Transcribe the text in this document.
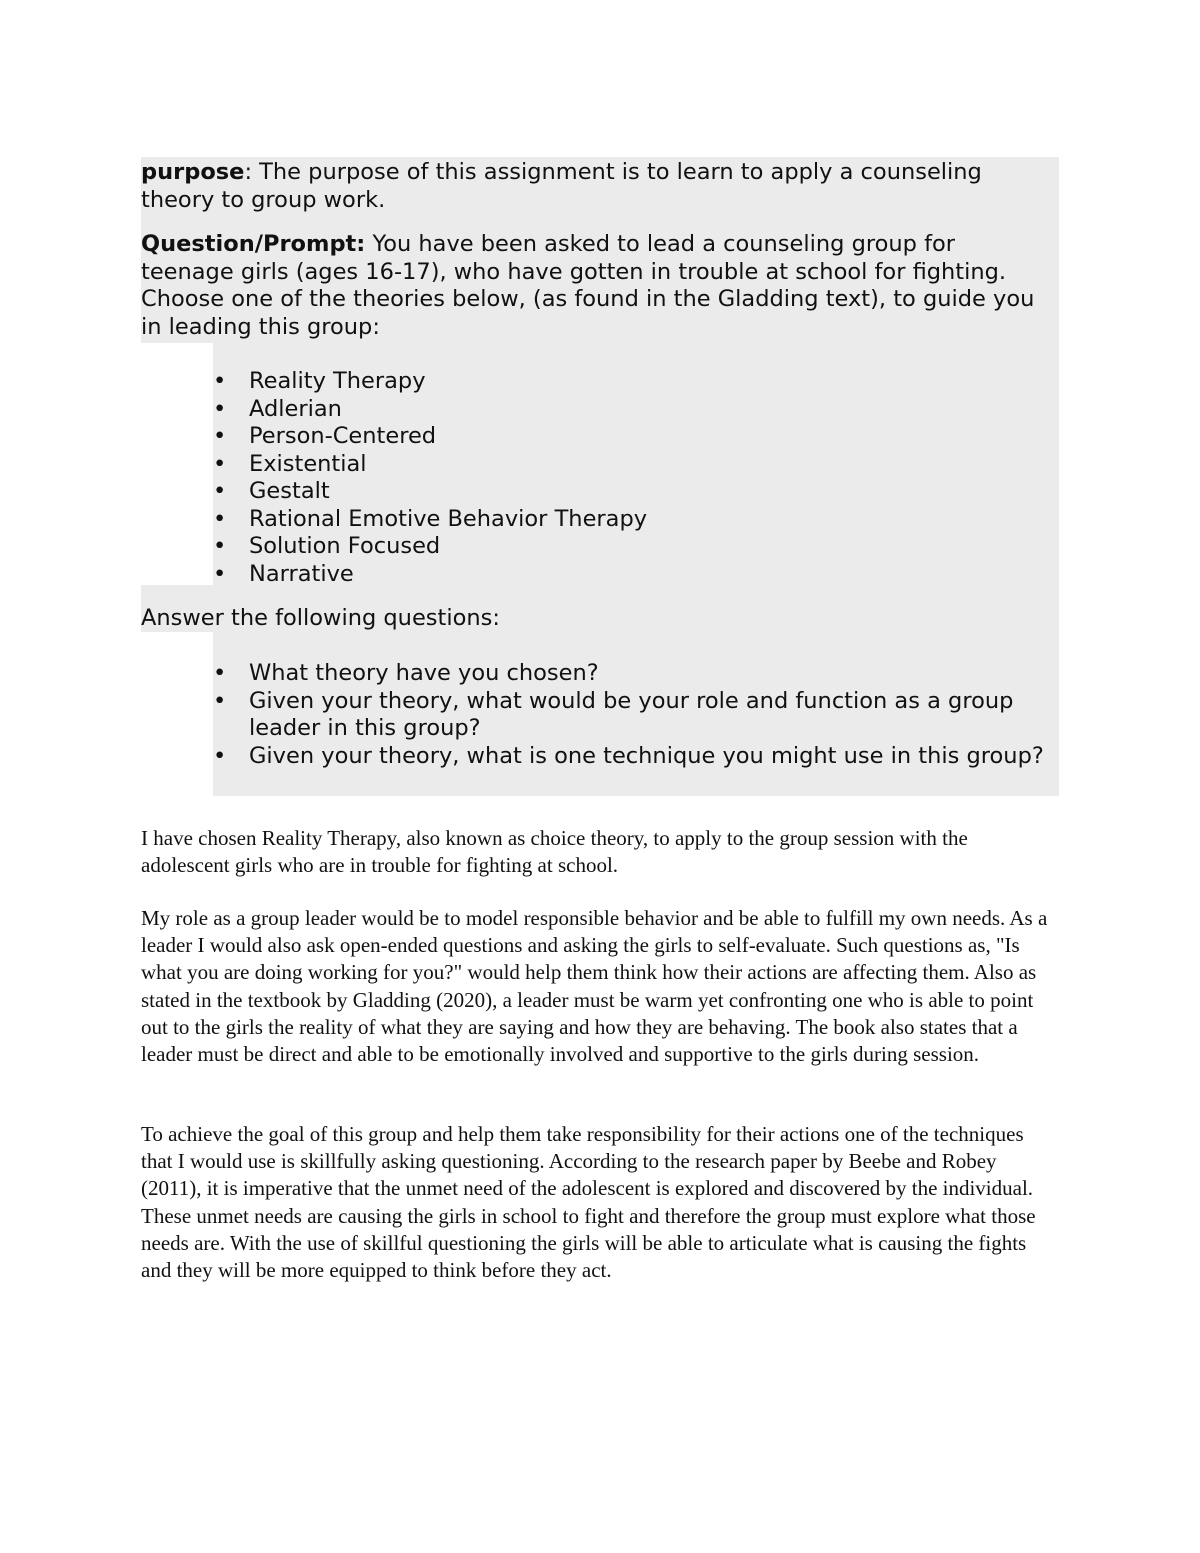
purpose: The purpose of this assignment is to learn to apply a counseling theory to group work.

Question/Prompt: You have been asked to lead a counseling group for teenage girls (ages 16-17), who have gotten in trouble at school for fighting. Choose one of the theories below, (as found in the Gladding text), to guide you in leading this group:

•	Reality Therapy
•	Adlerian
•	Person-Centered
•	Existential
•	Gestalt
•	Rational Emotive Behavior Therapy
•	Solution Focused
•	Narrative

Answer the following questions:

•	What theory have you chosen?
•	Given your theory, what would be your role and function as a group leader in this group?
•	Given your theory, what is one technique you might use in this group?

I have chosen Reality Therapy, also known as choice theory, to apply to the group session with the adolescent girls who are in trouble for fighting at school.

My role as a group leader would be to model responsible behavior and be able to fulfill my own needs. As a leader I would also ask open-ended questions and asking the girls to self-evaluate. Such questions as, "Is what you are doing working for you?" would help them think how their actions are affecting them. Also as stated in the textbook by Gladding (2020), a leader must be warm yet confronting one who is able to point out to the girls the reality of what they are saying and how they are behaving. The book also states that a leader must be direct and able to be emotionally involved and supportive to the girls during session.

To achieve the goal of this group and help them take responsibility for their actions one of the techniques that I would use is skillfully asking questioning. According to the research paper by Beebe and Robey (2011), it is imperative that the unmet need of the adolescent is explored and discovered by the individual. These unmet needs are causing the girls in school to fight and therefore the group must explore what those needs are. With the use of skillful questioning the girls will be able to articulate what is causing the fights and they will be more equipped to think before they act.
